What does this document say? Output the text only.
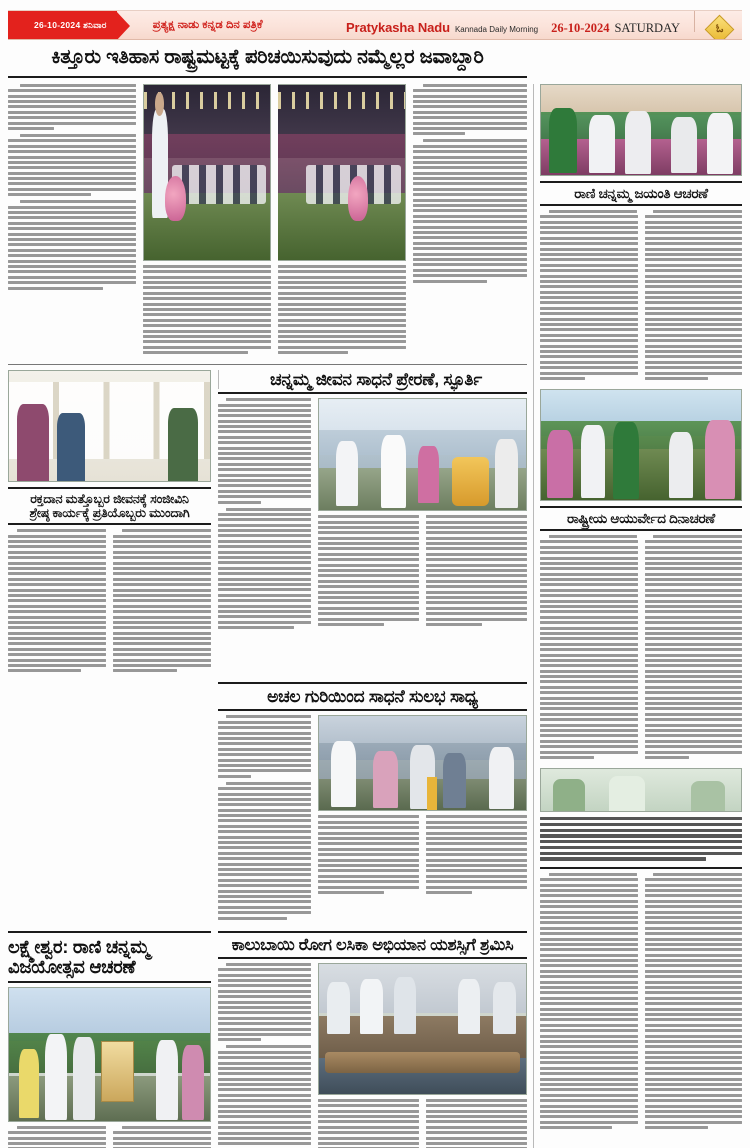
26-10-2024 ಶನಿವಾರ	ಪ್ರತ್ಯಕ್ಷ ನಾಡು ಕನ್ನಡ ದಿನ ಪತ್ರಿಕೆ	Pratykasha Nadu Kannada Daily Morning 26-10-2024 SATURDAY	ಓ
ಕಿತ್ತೂರು ಇತಿಹಾಸ ರಾಷ್ಟ್ರಮಟ್ಟಕ್ಕೆ ಪರಿಚಯಿಸುವುದು ನಮ್ಮೆಲ್ಲರ ಜವಾಬ್ದಾರಿ
ರಕ್ತದಾನ ಮತ್ತೊಬ್ಬರ ಜೀವನಕ್ಕೆ ಸಂಜೀವಿನಿ
ಶ್ರೇಷ್ಠ ಕಾರ್ಯಕ್ಕೆ ಪ್ರತಿಯೊಬ್ಬರು ಮುಂದಾಗಿ
ಚನ್ನಮ್ಮ ಜೀವನ ಸಾಧನೆ ಪ್ರೇರಣೆ, ಸ್ಫೂರ್ತಿ
ಅಚಲ ಗುರಿಯಿಂದ ಸಾಧನೆ ಸುಲಭ ಸಾಧ್ಯ
ಲಕ್ಷ್ಮೇಶ್ವರ: ರಾಣಿ ಚನ್ನಮ್ಮ
ವಿಜಯೋತ್ಸವ ಆಚರಣೆ
ಕಾಲುಬಾಯಿ ರೋಗ ಲಸಿಕಾ ಅಭಿಯಾನ ಯಶಸ್ಸಿಗೆ ಶ್ರಮಿಸಿ
ರಾಣಿ ಚನ್ನಮ್ಮ ಜಯಂತಿ ಆಚರಣೆ
ರಾಷ್ಟ್ರೀಯ ಆಯುರ್ವೇದ ದಿನಾಚರಣೆ
